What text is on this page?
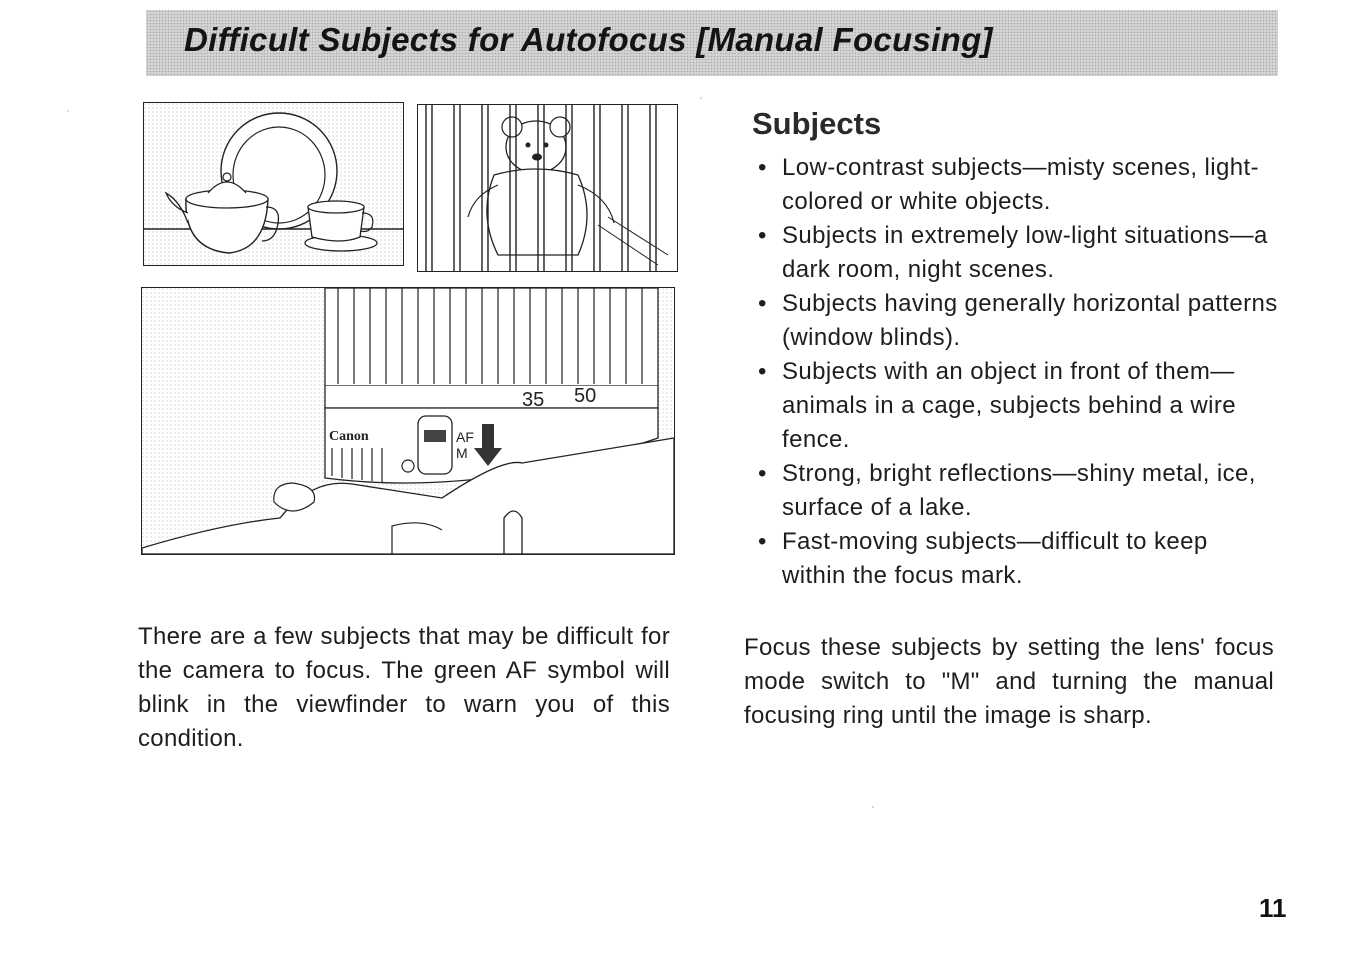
Difficult Subjects for Autofocus [Manual Focusing]
35 50
Canon	AF
M
Subjects
• Low-contrast subjects—misty scenes, light-colored or white objects.
• Subjects in extremely low-light situations—a dark room, night scenes.
• Subjects having generally horizontal patterns (window blinds).
• Subjects with an object in front of them—animals in a cage, subjects behind a wire fence.
• Strong, bright reflections—shiny metal, ice, surface of a lake.
• Fast-moving subjects—difficult to keep within the focus mark.

There are a few subjects that may be difficult for the camera to focus. The green AF symbol will blink in the viewfinder to warn you of this condition.

Focus these subjects by setting the lens' focus mode switch to "M" and turning the manual focusing ring until the image is sharp.

11
